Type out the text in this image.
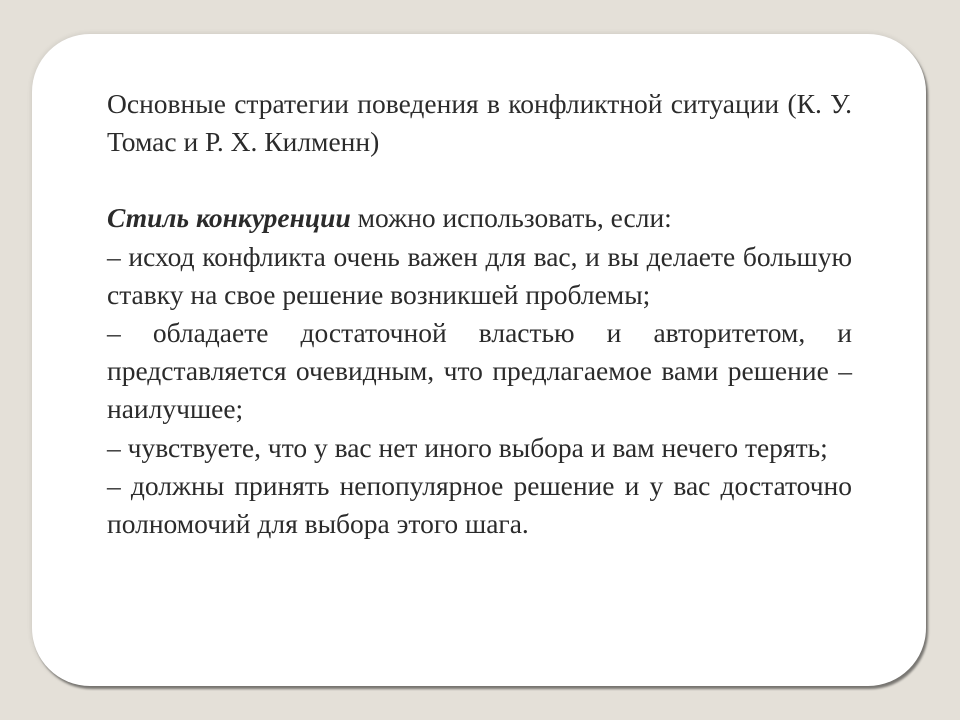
Основные стратегии поведения в конфликтной ситуации (К. У. Томас и Р. Х. Килменн)

Стиль конкуренции можно использовать, если:

– исход конфликта очень важен для вас, и вы делаете большую ставку на свое решение возникшей проблемы;

– обладаете достаточной властью и авторитетом, и представляется очевидным, что предлагаемое вами решение – наилучшее;

– чувствуете, что у вас нет иного выбора и вам нечего терять;

– должны принять непопулярное решение и у вас достаточно полномочий для выбора этого шага.
